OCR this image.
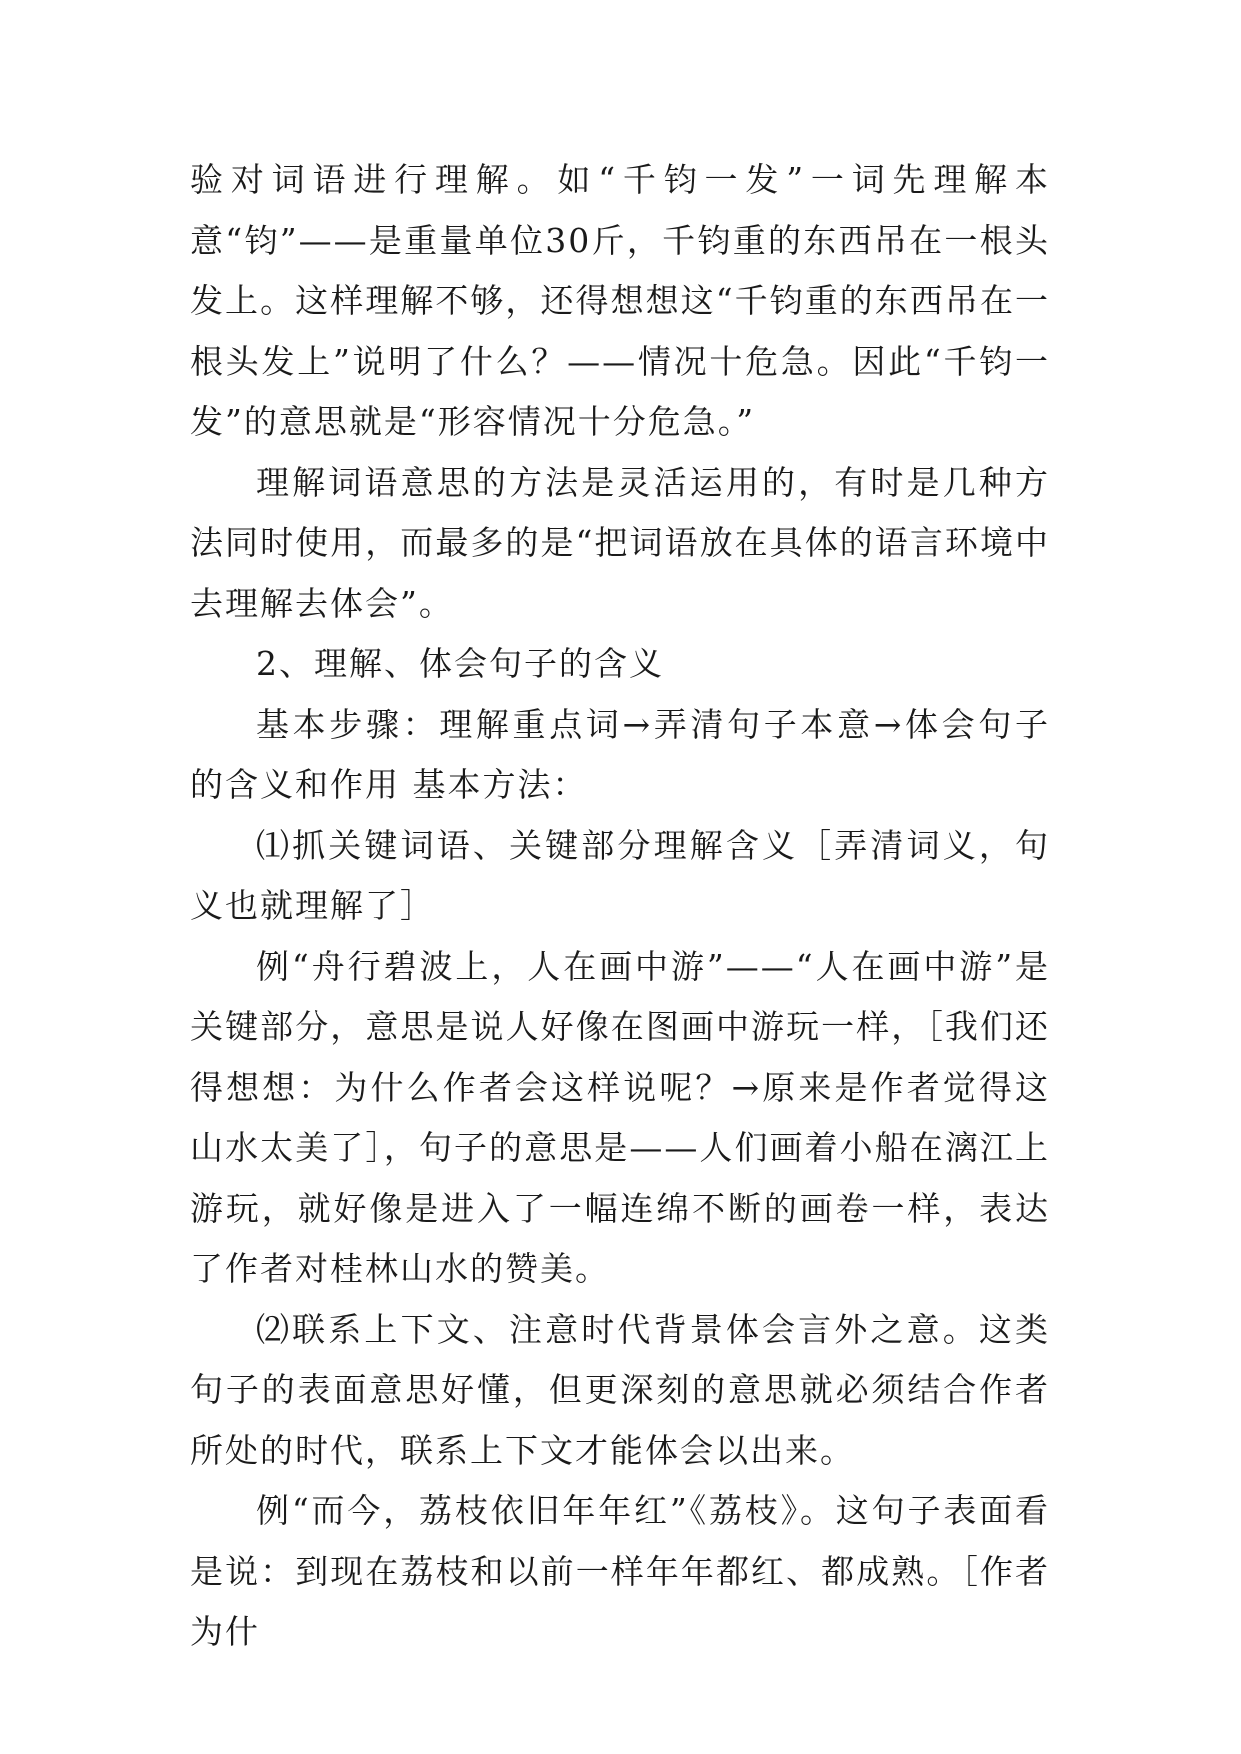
验对词语进行理解。如“千钧一发”一词先理解本意“钧”——是重量单位30斤，千钧重的东西吊在一根头发上。这样理解不够，还得想想这“千钧重的东西吊在一根头发上”说明了什么？——情况十危急。因此“千钧一发”的意思就是“形容情况十分危急。”

理解词语意思的方法是灵活运用的，有时是几种方法同时使用，而最多的是“把词语放在具体的语言环境中去理解去体会”。

2、理解、体会句子的含义

基本步骤：理解重点词→弄清句子本意→体会句子的含义和作用 基本方法：

⑴抓关键词语、关键部分理解含义［弄清词义，句义也就理解了］

例“舟行碧波上，人在画中游”——“人在画中游”是关键部分，意思是说人好像在图画中游玩一样，［我们还得想想：为什么作者会这样说呢？→原来是作者觉得这山水太美了］，句子的意思是——人们画着小船在漓江上游玩，就好像是进入了一幅连绵不断的画卷一样，表达了作者对桂林山水的赞美。

⑵联系上下文、注意时代背景体会言外之意。这类句子的表面意思好懂，但更深刻的意思就必须结合作者所处的时代，联系上下文才能体会以出来。

例“而今，荔枝依旧年年红”《荔枝》。这句子表面看是说：到现在荔枝和以前一样年年都红、都成熟。［作者为什
